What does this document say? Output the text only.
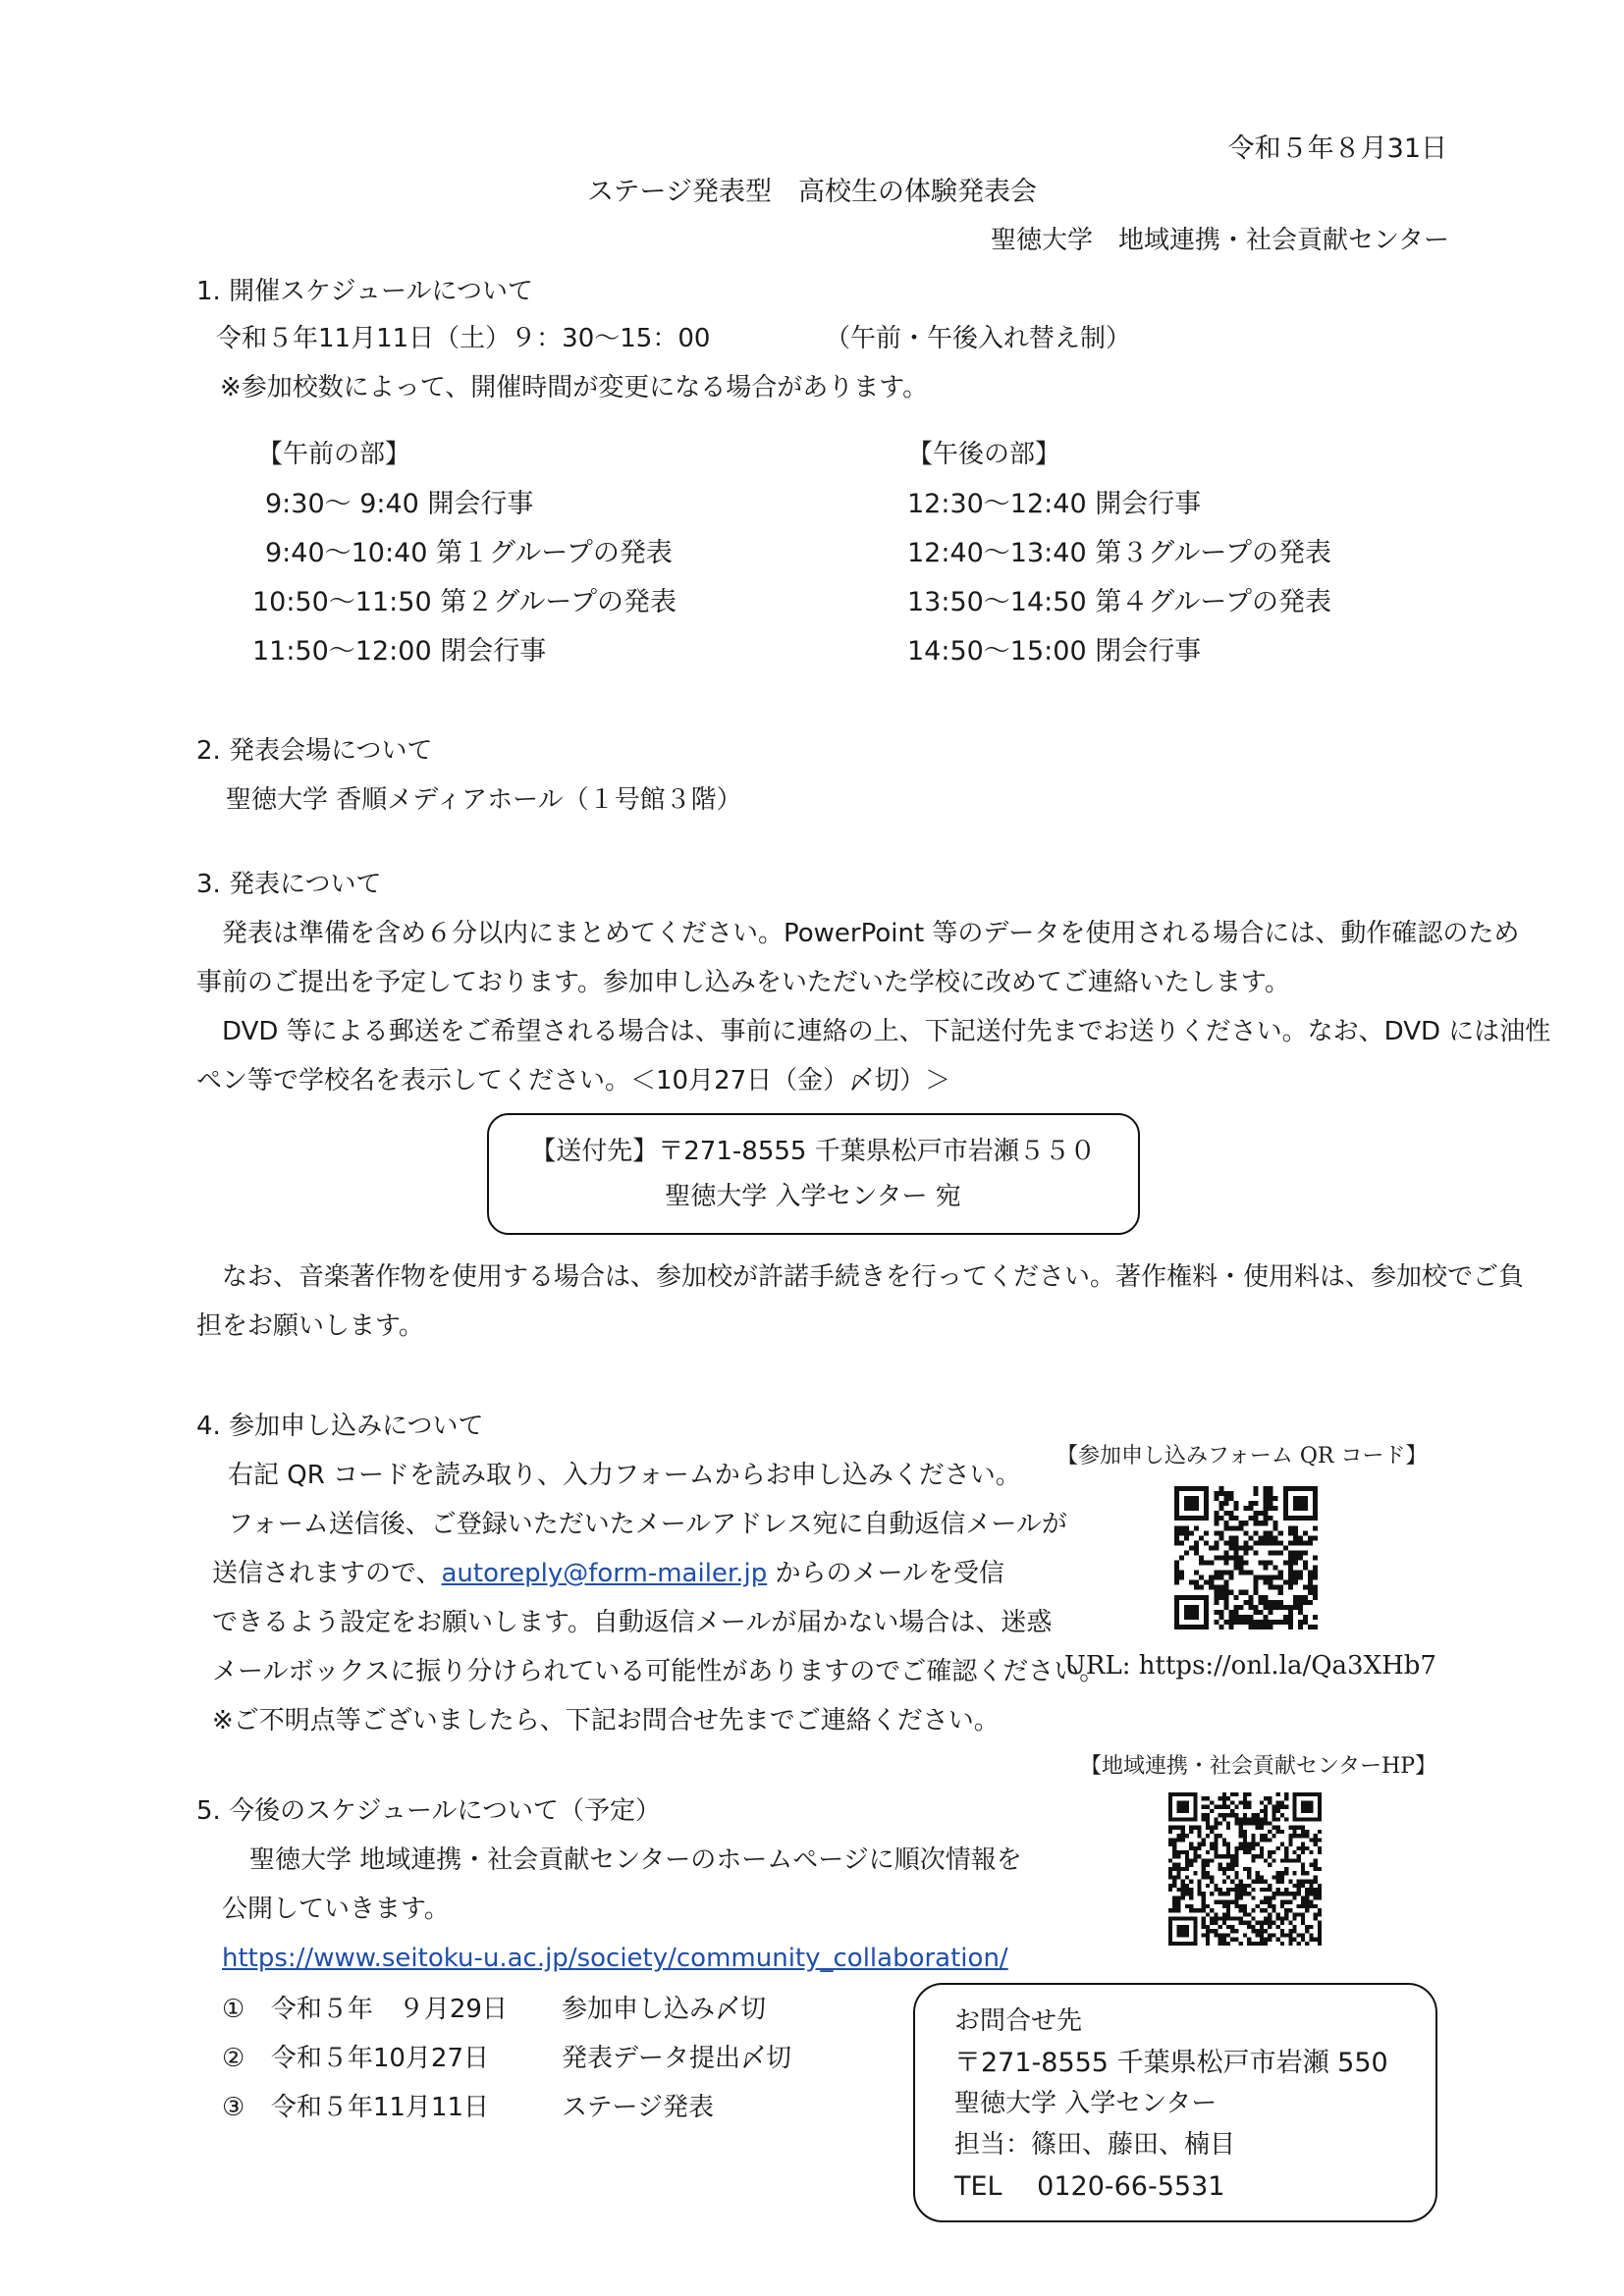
令和５年８月31日
ステージ発表型　高校生の体験発表会
聖徳大学　地域連携・社会貢献センター
1. 開催スケジュールについて
令和５年11月11日（土）９：30〜15：00	（午前・午後入れ替え制）
※参加校数によって、開催時間が変更になる場合があります。
【午前の部】
9:30〜 9:40 開会行事
9:40〜10:40 第１グループの発表
10:50〜11:50 第２グループの発表
11:50〜12:00 閉会行事
【午後の部】
12:30〜12:40 開会行事
12:40〜13:40 第３グループの発表
13:50〜14:50 第４グループの発表
14:50〜15:00 閉会行事
2. 発表会場について
聖徳大学 香順メディアホール（１号館３階）
3. 発表について
発表は準備を含め６分以内にまとめてください。PowerPoint 等のデータを使用される場合には、動作確認のため
事前のご提出を予定しております。参加申し込みをいただいた学校に改めてご連絡いたします。
DVD 等による郵送をご希望される場合は、事前に連絡の上、下記送付先までお送りください。なお、DVD には油性
ペン等で学校名を表示してください。＜10月27日（金）〆切）＞
【送付先】〒271-8555 千葉県松戸市岩瀬５５０
聖徳大学 入学センター 宛
なお、音楽著作物を使用する場合は、参加校が許諾手続きを行ってください。著作権料・使用料は、参加校でご負
担をお願いします。
4. 参加申し込みについて
右記 QR コードを読み取り、入力フォームからお申し込みください。
フォーム送信後、ご登録いただいたメールアドレス宛に自動返信メールが
送信されますので、autoreply@form-mailer.jp からのメールを受信
できるよう設定をお願いします。自動返信メールが届かない場合は、迷惑
メールボックスに振り分けられている可能性がありますのでご確認ください。
※ご不明点等ございましたら、下記お問合せ先までご連絡ください。
【参加申し込みフォーム QR コード】
URL: https://onl.la/Qa3XHb7
【地域連携・社会貢献センターHP】
5. 今後のスケジュールについて（予定）
聖徳大学 地域連携・社会貢献センターのホームページに順次情報を
公開していきます。
https://www.seitoku-u.ac.jp/society/community_collaboration/
① 令和５年　９月29日 参加申し込み〆切
② 令和５年10月27日	発表データ提出〆切
③ 令和５年11月11日	ステージ発表
お問合せ先
〒271-8555 千葉県松戸市岩瀬 550
聖徳大学 入学センター
担当：篠田、藤田、楠目
TEL　 0120-66-5531
